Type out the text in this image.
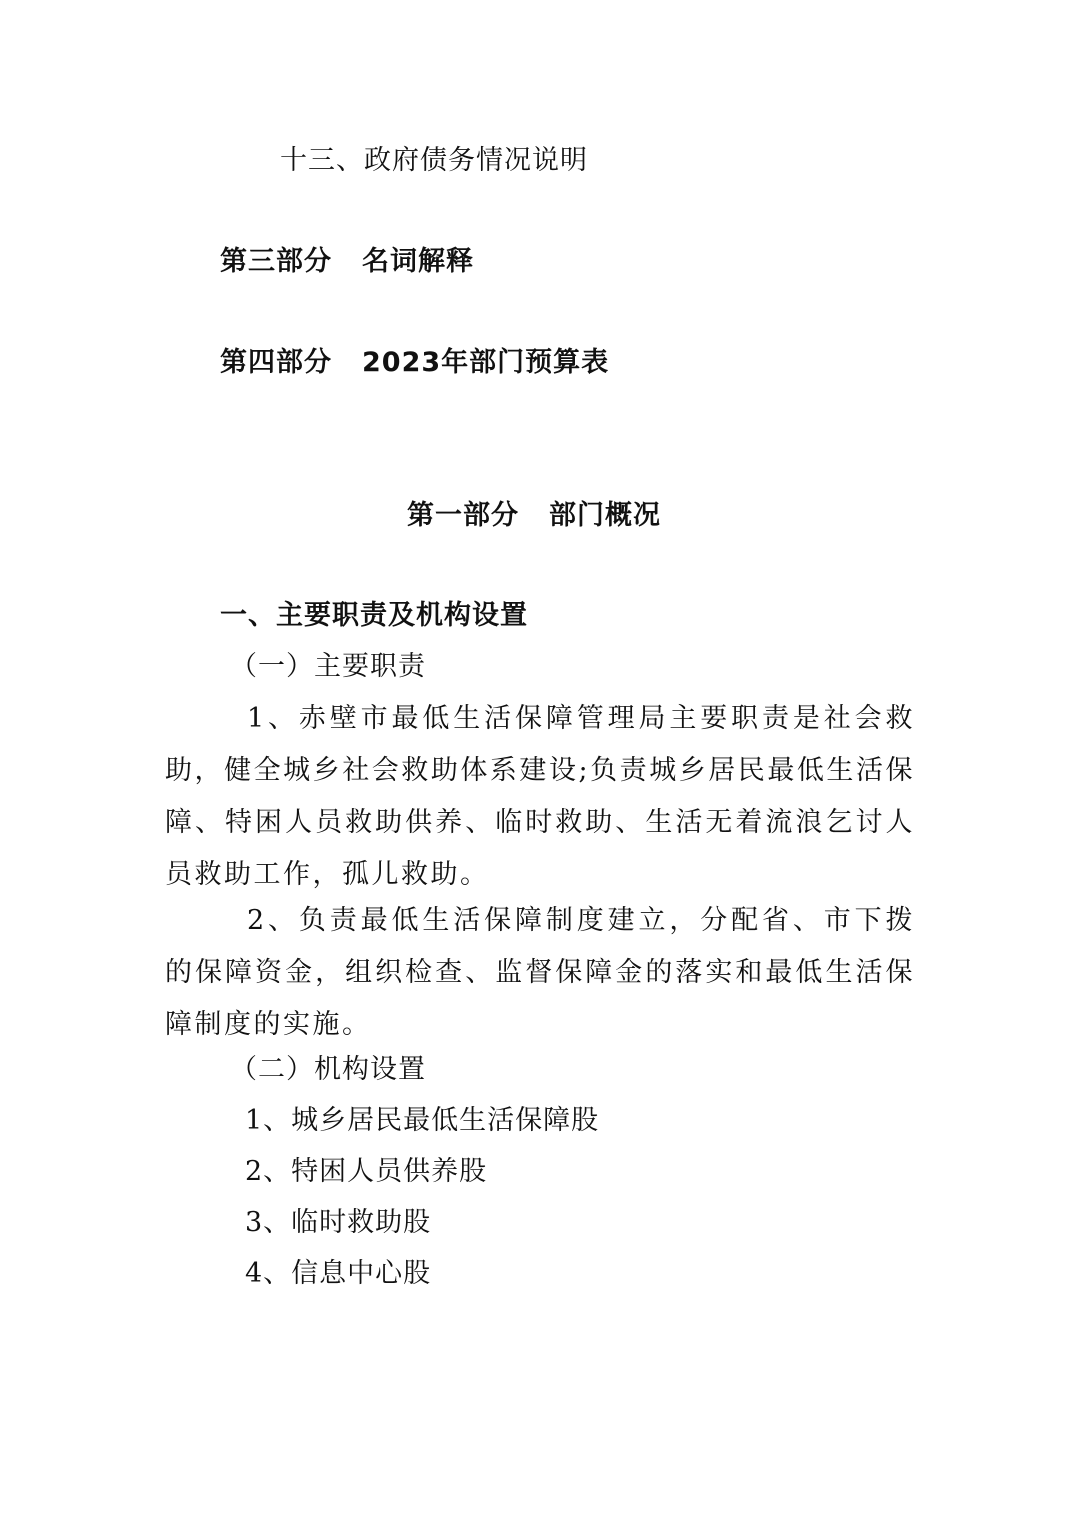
十三、政府债务情况说明
第三部分 名词解释
第四部分 2023年部门预算表
第一部分 部门概况
一、主要职责及机构设置
（一）主要职责
1、赤壁市最低生活保障管理局主要职责是社会救助，健全城乡社会救助体系建设;负责城乡居民最低生活保障、特困人员救助供养、临时救助、生活无着流浪乞讨人员救助工作，孤儿救助。
2、负责最低生活保障制度建立，分配省、市下拨的保障资金，组织检查、监督保障金的落实和最低生活保障制度的实施。
（二）机构设置
1、城乡居民最低生活保障股
2、特困人员供养股
3、临时救助股
4、信息中心股
